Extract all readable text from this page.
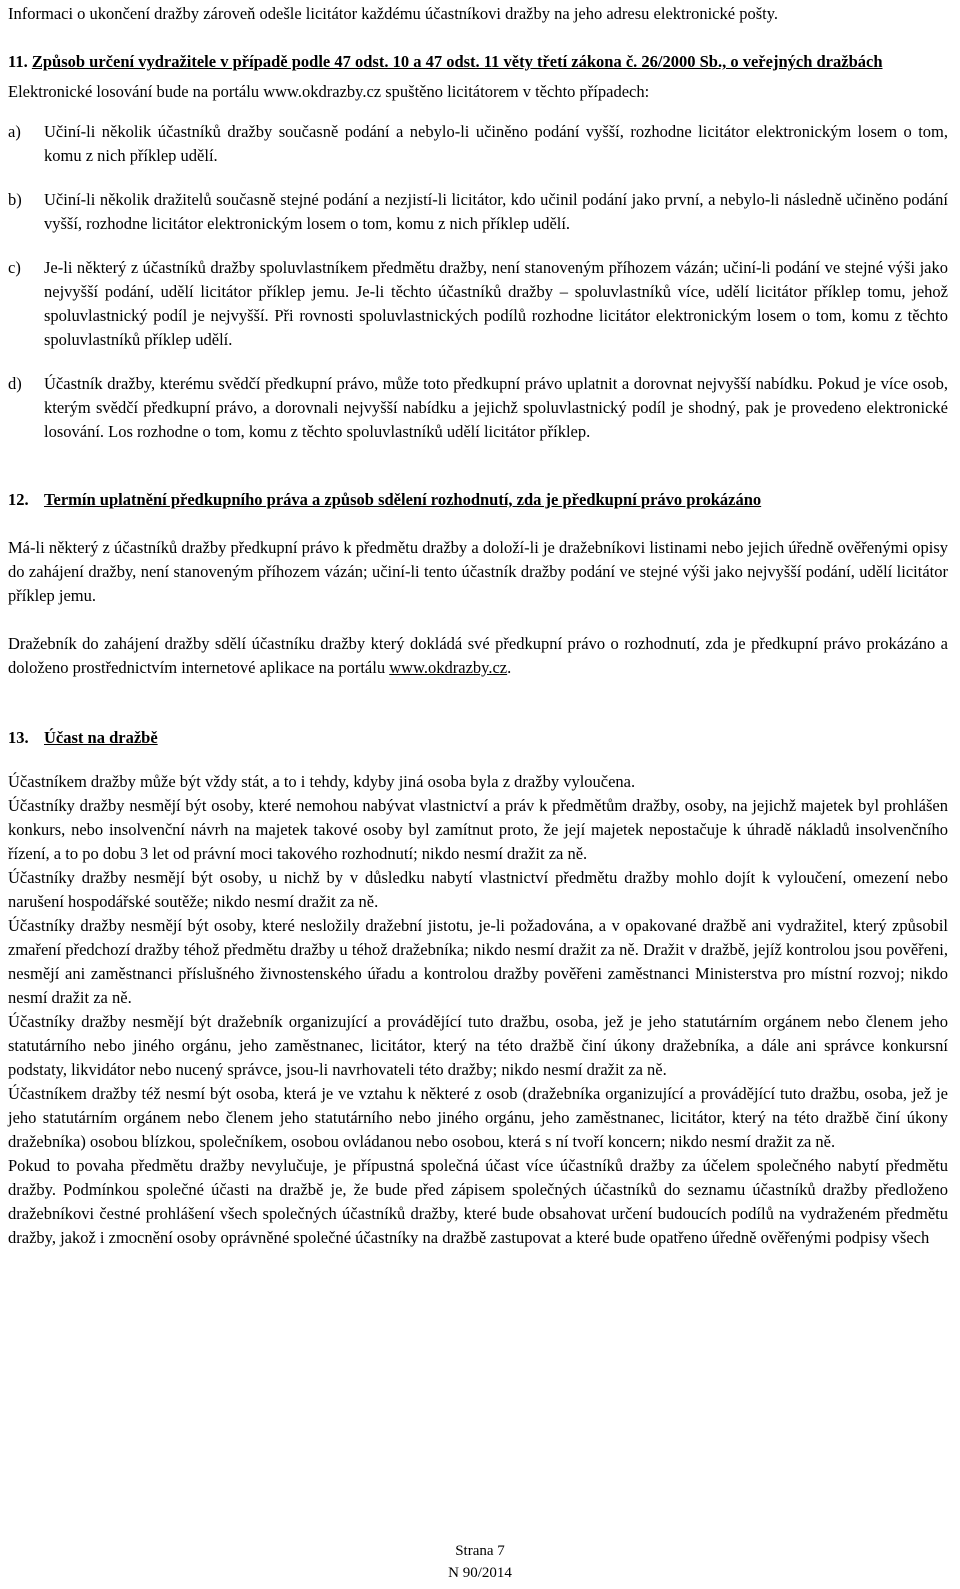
Informaci o ukončení dražby zároveň odešle licitátor každému účastníkovi dražby na jeho adresu elektronické pošty.

11. Způsob určení vydražitele v případě podle 47 odst. 10 a 47 odst. 11 věty třetí zákona č. 26/2000 Sb., o veřejných dražbách

Elektronické losování bude na portálu www.okdrazby.cz spuštěno licitátorem v těchto případech:

a)	Učiní-li několik účastníků dražby současně podání a nebylo-li učiněno podání vyšší, rozhodne licitátor elektronickým losem o tom, komu z nich příklep udělí.
b)	Učiní-li několik dražitelů současně stejné podání a nezjistí-li licitátor, kdo učinil podání jako první, a nebylo-li následně učiněno podání vyšší, rozhodne licitátor elektronickým losem o tom, komu z nich příklep udělí.
c)	Je-li některý z účastníků dražby spoluvlastníkem předmětu dražby, není stanoveným příhozem vázán; učiní-li podání ve stejné výši jako nejvyšší podání, udělí licitátor příklep jemu. Je-li těchto účastníků dražby – spoluvlastníků více, udělí licitátor příklep tomu, jehož spoluvlastnický podíl je nejvyšší. Při rovnosti spoluvlastnických podílů rozhodne licitátor elektronickým losem o tom, komu z těchto spoluvlastníků příklep udělí.
d)	Účastník dražby, kterému svědčí předkupní právo, může toto předkupní právo uplatnit a dorovnat nejvyšší nabídku. Pokud je více osob, kterým svědčí předkupní právo, a dorovnali nejvyšší nabídku a jejichž spoluvlastnický podíl je shodný, pak je provedeno elektronické losování. Los rozhodne o tom, komu z těchto spoluvlastníků udělí licitátor příklep.
12. Termín uplatnění předkupního práva a způsob sdělení rozhodnutí, zda je předkupní právo prokázáno

Má-li některý z účastníků dražby předkupní právo k předmětu dražby a doloží-li je dražebníkovi listinami nebo jejich úředně ověřenými opisy do zahájení dražby, není stanoveným příhozem vázán; učiní-li tento účastník dražby podání ve stejné výši jako nejvyšší podání, udělí licitátor příklep jemu.

Dražebník do zahájení dražby sdělí účastníku dražby který dokládá své předkupní právo o rozhodnutí, zda je předkupní právo prokázáno a doloženo prostřednictvím internetové aplikace na portálu www.okdrazby.cz.

13. Účast na dražbě

Účastníkem dražby může být vždy stát, a to i tehdy, kdyby jiná osoba byla z dražby vyloučena.

Účastníky dražby nesmějí být osoby, které nemohou nabývat vlastnictví a práv k předmětům dražby, osoby, na jejichž majetek byl prohlášen konkurs, nebo insolvenční návrh na majetek takové osoby byl zamítnut proto, že její majetek nepostačuje k úhradě nákladů insolvenčního řízení, a to po dobu 3 let od právní moci takového rozhodnutí; nikdo nesmí dražit za ně.

Účastníky dražby nesmějí být osoby, u nichž by v důsledku nabytí vlastnictví předmětu dražby mohlo dojít k vyloučení, omezení nebo narušení hospodářské soutěže; nikdo nesmí dražit za ně.

Účastníky dražby nesmějí být osoby, které nesložily dražební jistotu, je-li požadována, a v opakované dražbě ani vydražitel, který způsobil zmaření předchozí dražby téhož předmětu dražby u téhož dražebníka; nikdo nesmí dražit za ně. Dražit v dražbě, jejíž kontrolou jsou pověřeni, nesmějí ani zaměstnanci příslušného živnostenského úřadu a kontrolou dražby pověřeni zaměstnanci Ministerstva pro místní rozvoj; nikdo nesmí dražit za ně.

Účastníky dražby nesmějí být dražebník organizující a provádějící tuto dražbu, osoba, jež je jeho statutárním orgánem nebo členem jeho statutárního nebo jiného orgánu, jeho zaměstnanec, licitátor, který na této dražbě činí úkony dražebníka, a dále ani správce konkursní podstaty, likvidátor nebo nucený správce, jsou-li navrhovateli této dražby; nikdo nesmí dražit za ně.

Účastníkem dražby též nesmí být osoba, která je ve vztahu k některé z osob (dražebníka organizující a provádějící tuto dražbu, osoba, jež je jeho statutárním orgánem nebo členem jeho statutárního nebo jiného orgánu, jeho zaměstnanec, licitátor, který na této dražbě činí úkony dražebníka) osobou blízkou, společníkem, osobou ovládanou nebo osobou, která s ní tvoří koncern; nikdo nesmí dražit za ně.

Pokud to povaha předmětu dražby nevylučuje, je přípustná společná účast více účastníků dražby za účelem společného nabytí předmětu dražby. Podmínkou společné účasti na dražbě je, že bude před zápisem společných účastníků do seznamu účastníků dražby předloženo dražebníkovi čestné prohlášení všech společných účastníků dražby, které bude obsahovat určení budoucích podílů na vydraženém předmětu dražby, jakož i zmocnění osoby oprávněné společné účastníky na dražbě zastupovat a které bude opatřeno úředně ověřenými podpisy všech

Strana 7
N 90/2014
